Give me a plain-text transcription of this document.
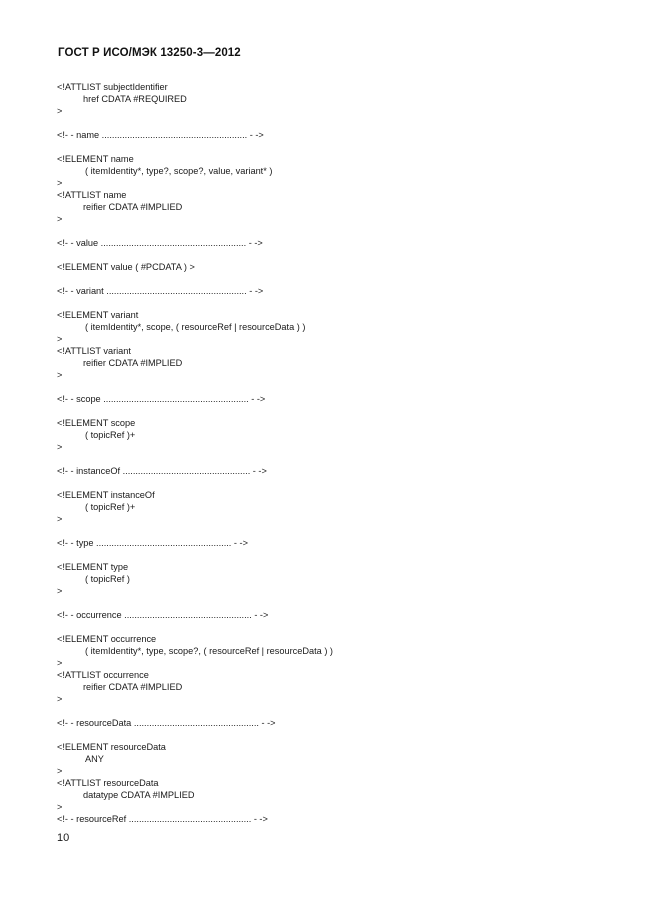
ГОСТ Р ИСО/МЭК 13250-3—2012
<!ATTLIST subjectIdentifier
href CDATA #REQUIRED
>
<!- - name ......................................................... - ->
<!ELEMENT name
( itemIdentity*, type?, scope?, value, variant* )
>
<!ATTLIST name
reifier CDATA #IMPLIED
>
<!- - value ......................................................... - ->
<!ELEMENT value ( #PCDATA ) >
<!- - variant ....................................................... - ->
<!ELEMENT variant
( itemIdentity*, scope, ( resourceRef | resourceData ) )
>
<!ATTLIST variant
reifier CDATA #IMPLIED
>
<!- - scope ......................................................... - ->
<!ELEMENT scope
( topicRef )+
>
<!- - instanceOf .................................................. - ->
<!ELEMENT instanceOf
( topicRef )+
>
<!- - type ..................................................... - ->
<!ELEMENT type
( topicRef )
>
<!- - occurrence .................................................. - ->
<!ELEMENT occurrence
( itemIdentity*, type, scope?, ( resourceRef | resourceData ) )
>
<!ATTLIST occurrence
reifier CDATA #IMPLIED
>
<!- - resourceData ................................................. - ->
<!ELEMENT resourceData
ANY
>
<!ATTLIST resourceData
datatype CDATA #IMPLIED
>
<!- - resourceRef ................................................ - ->
10
